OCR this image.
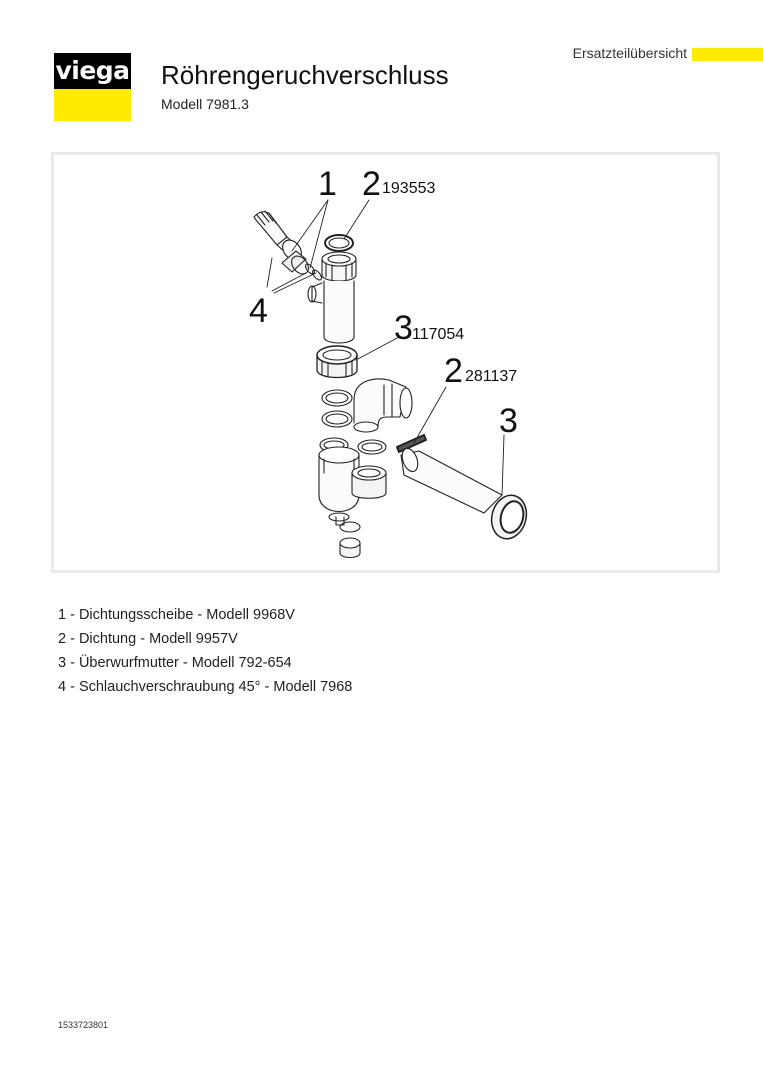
viega
Ersatzteilübersicht
Röhrengeruchverschluss
Modell 7981.3
1 2 193553
4	3 117054
2 281137
3
1 - Dichtungsscheibe - Modell 9968V
2 - Dichtung - Modell 9957V
3 - Überwurfmutter - Modell 792-654
4 - Schlauchverschraubung 45° - Modell 7968
1533723801
